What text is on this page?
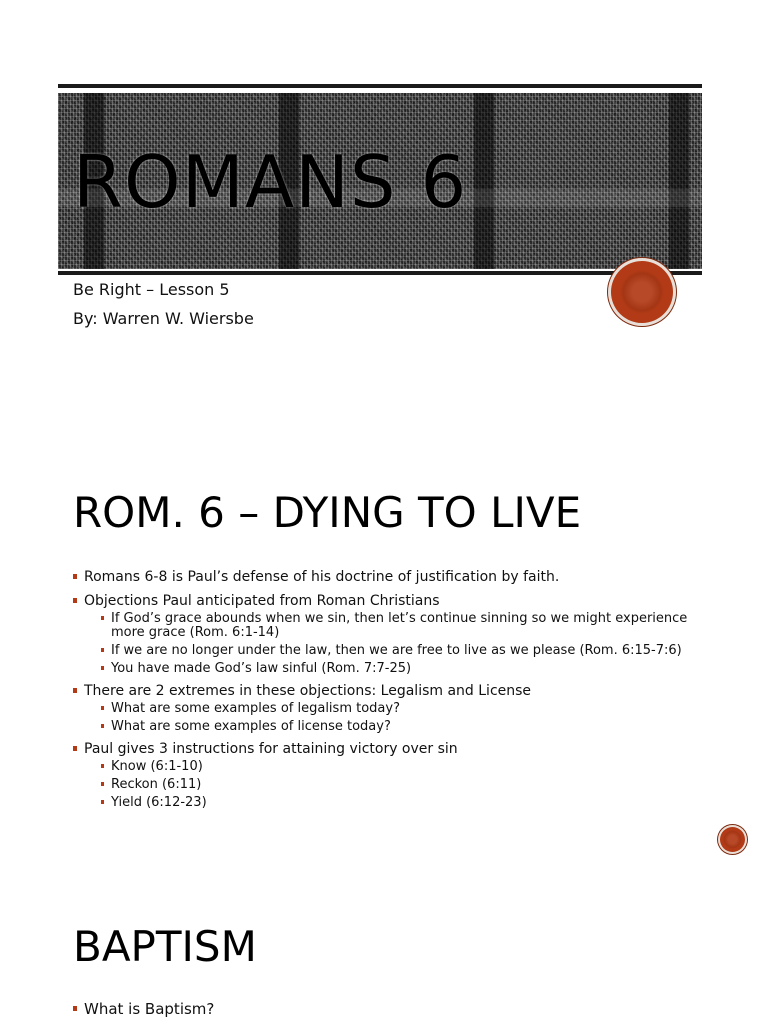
ROMANS 6
Be Right – Lesson 5
By: Warren W. Wiersbe
ROM. 6 – DYING TO LIVE
Romans 6-8 is Paul’s defense of his doctrine of justification by faith.
Objections Paul anticipated from Roman Christians
If God’s grace abounds when we sin, then let’s continue sinning so we might experience more grace (Rom. 6:1-14)
If we are no longer under the law, then we are free to live as we please (Rom. 6:15-7:6)
You have made God’s law sinful (Rom. 7:7-25)
There are 2 extremes in these objections: Legalism and License
What are some examples of legalism today?
What are some examples of license today?
Paul gives 3 instructions for attaining victory over sin
Know (6:1-10)
Reckon (6:11)
Yield (6:12-23)
BAPTISM
What is Baptism?
